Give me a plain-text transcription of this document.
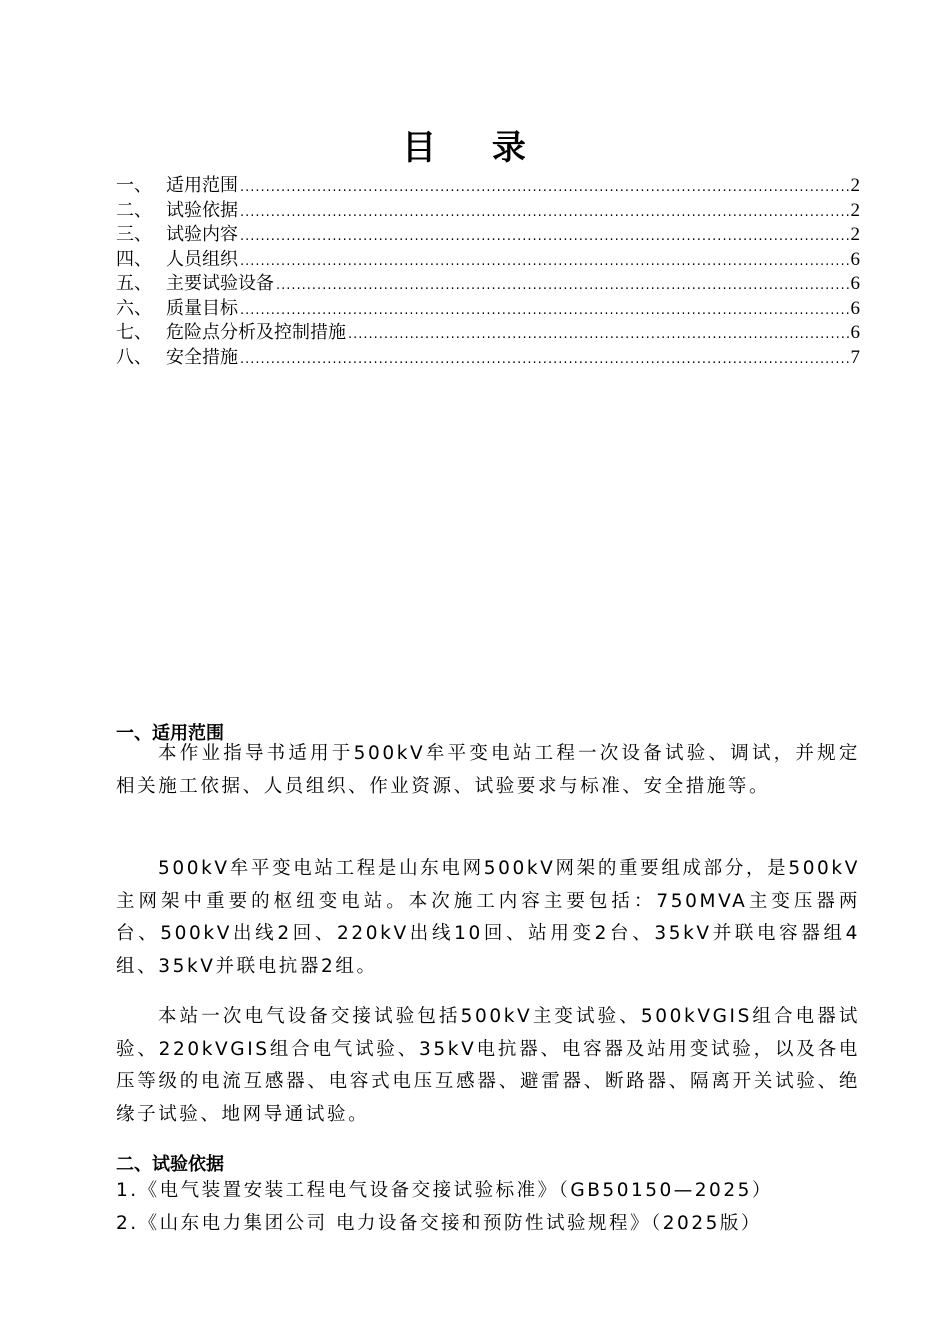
目 录
一、 适用范围 .....	2
二、 试验依据 .....	2
三、 试验内容 .....	2
四、 人员组织 .....	6
五、 主要试验设备 .....	6
六、 质量目标 .....	6
七、 危险点分析及控制措施 .....	6
八、 安全措施 .....	7
一、适用范围
本作业指导书适用于500kV牟平变电站工程一次设备试验、调试，并规定相关施工依据、人员组织、作业资源、试验要求与标准、安全措施等。
500kV牟平变电站工程是山东电网500kV网架的重要组成部分，是500kV主网架中重要的枢纽变电站。本次施工内容主要包括：750MVA主变压器两台、500kV出线2回、220kV出线10回、站用变2台、35kV并联电容器组4组、35kV并联电抗器2组。
本站一次电气设备交接试验包括500kV主变试验、500kVGIS组合电器试验、220kVGIS组合电气试验、35kV电抗器、电容器及站用变试验，以及各电压等级的电流互感器、电容式电压互感器、避雷器、断路器、隔离开关试验、绝缘子试验、地网导通试验。
二、试验依据
1.《电气装置安装工程电气设备交接试验标准》（GB50150—2025）
2.《山东电力集团公司 电力设备交接和预防性试验规程》（2025版）
